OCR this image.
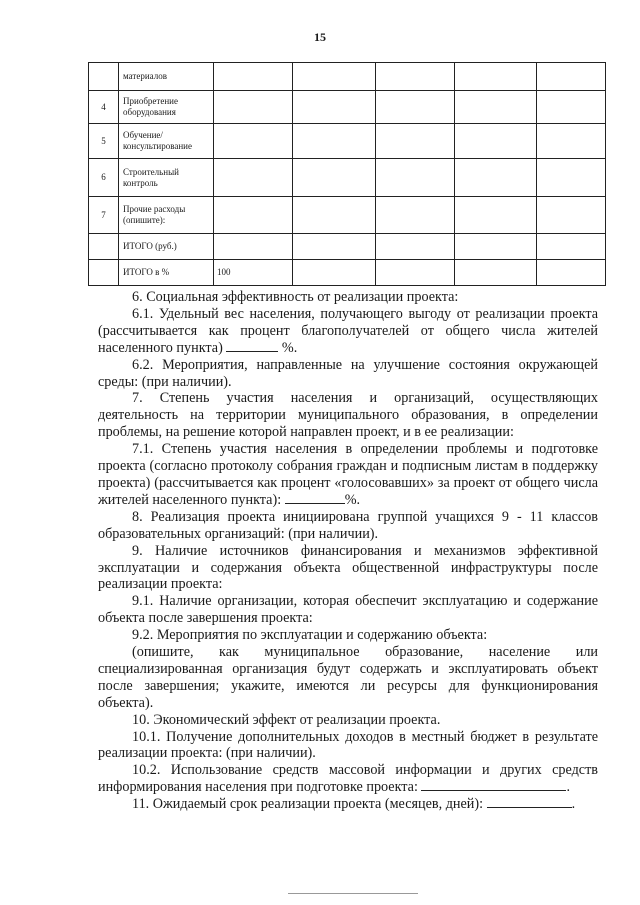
15
	материалов					
4	Приобретение оборудования					
5	Обучение/ консультирование					
6	Строительный контроль					
7	Прочие расходы (опишите):					
	ИТОГО (руб.)					
	ИТОГО в %	100				

6. Социальная эффективность от реализации проекта:

6.1. Удельный вес населения, получающего выгоду от реализации проекта (рассчитывается как процент благополучателей от общего числа жителей населенного пункта)	%.

6.2. Мероприятия, направленные на улучшение состояния окружающей среды: (при наличии).

7. Степень участия населения и организаций, осуществляющих деятельность на территории муниципального образования, в определении проблемы, на решение которой направлен проект, и в ее реализации:

7.1. Степень участия населения в определении проблемы и подготовке проекта (согласно протоколу собрания граждан и подписным листам в поддержку проекта) (рассчитывается как процент «голосовавших» за проект от общего числа жителей населенного пункта):	%.

8. Реализация проекта инициирована группой учащихся 9 - 11 классов образовательных организаций: (при наличии).

9. Наличие источников финансирования и механизмов эффективной эксплуатации и содержания объекта общественной инфраструктуры после реализации проекта:

9.1. Наличие организации, которая обеспечит эксплуатацию и содержание объекта после завершения проекта:

9.2. Мероприятия по эксплуатации и содержанию объекта:

(опишите, как муниципальное образование, население или специализированная организация будут содержать и эксплуатировать объект после завершения; укажите, имеются ли ресурсы для функционирования объекта).

10. Экономический эффект от реализации проекта.

10.1. Получение дополнительных доходов в местный бюджет в результате реализации проекта: (при наличии).

10.2. Использование средств массовой информации и других средств информирования населения при подготовке проекта:	.

11. Ожидаемый срок реализации проекта (месяцев, дней):	.
